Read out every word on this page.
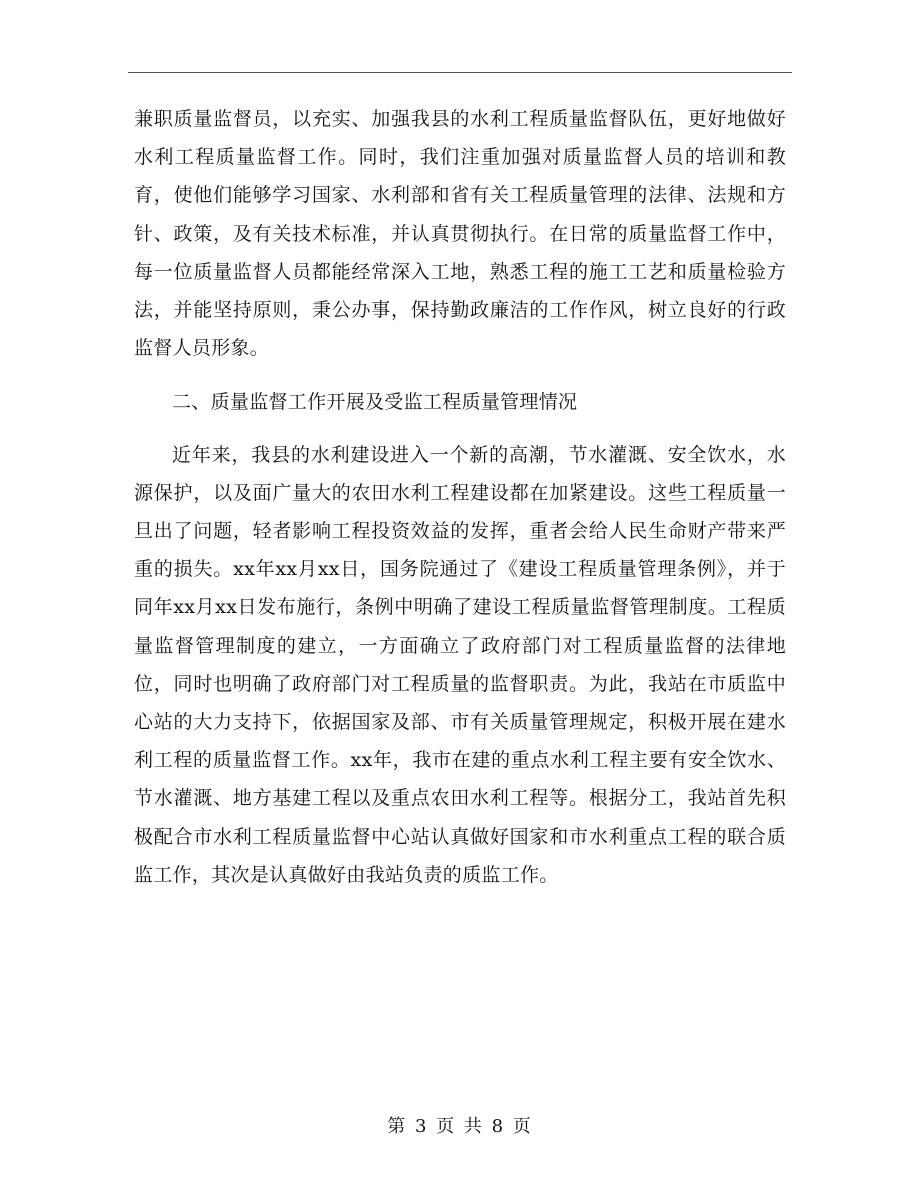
兼职质量监督员，以充实、加强我县的水利工程质量监督队伍，更好地做好水利工程质量监督工作。同时，我们注重加强对质量监督人员的培训和教育，使他们能够学习国家、水利部和省有关工程质量管理的法律、法规和方针、政策，及有关技术标准，并认真贯彻执行。在日常的质量监督工作中，每一位质量监督人员都能经常深入工地，熟悉工程的施工工艺和质量检验方法，并能坚持原则，秉公办事，保持勤政廉洁的工作作风，树立良好的行政监督人员形象。

二、质量监督工作开展及受监工程质量管理情况

近年来，我县的水利建设进入一个新的高潮，节水灌溉、安全饮水，水源保护，以及面广量大的农田水利工程建设都在加紧建设。这些工程质量一旦出了问题，轻者影响工程投资效益的发挥，重者会给人民生命财产带来严重的损失。xx年xx月xx日，国务院通过了《建设工程质量管理条例》，并于同年xx月xx日发布施行，条例中明确了建设工程质量监督管理制度。工程质量监督管理制度的建立，一方面确立了政府部门对工程质量监督的法律地位，同时也明确了政府部门对工程质量的监督职责。为此，我站在市质监中心站的大力支持下，依据国家及部、市有关质量管理规定，积极开展在建水利工程的质量监督工作。xx年，我市在建的重点水利工程主要有安全饮水、节水灌溉、地方基建工程以及重点农田水利工程等。根据分工，我站首先积极配合市水利工程质量监督中心站认真做好国家和市水利重点工程的联合质监工作，其次是认真做好由我站负责的质监工作。

第 3 页 共 8 页
